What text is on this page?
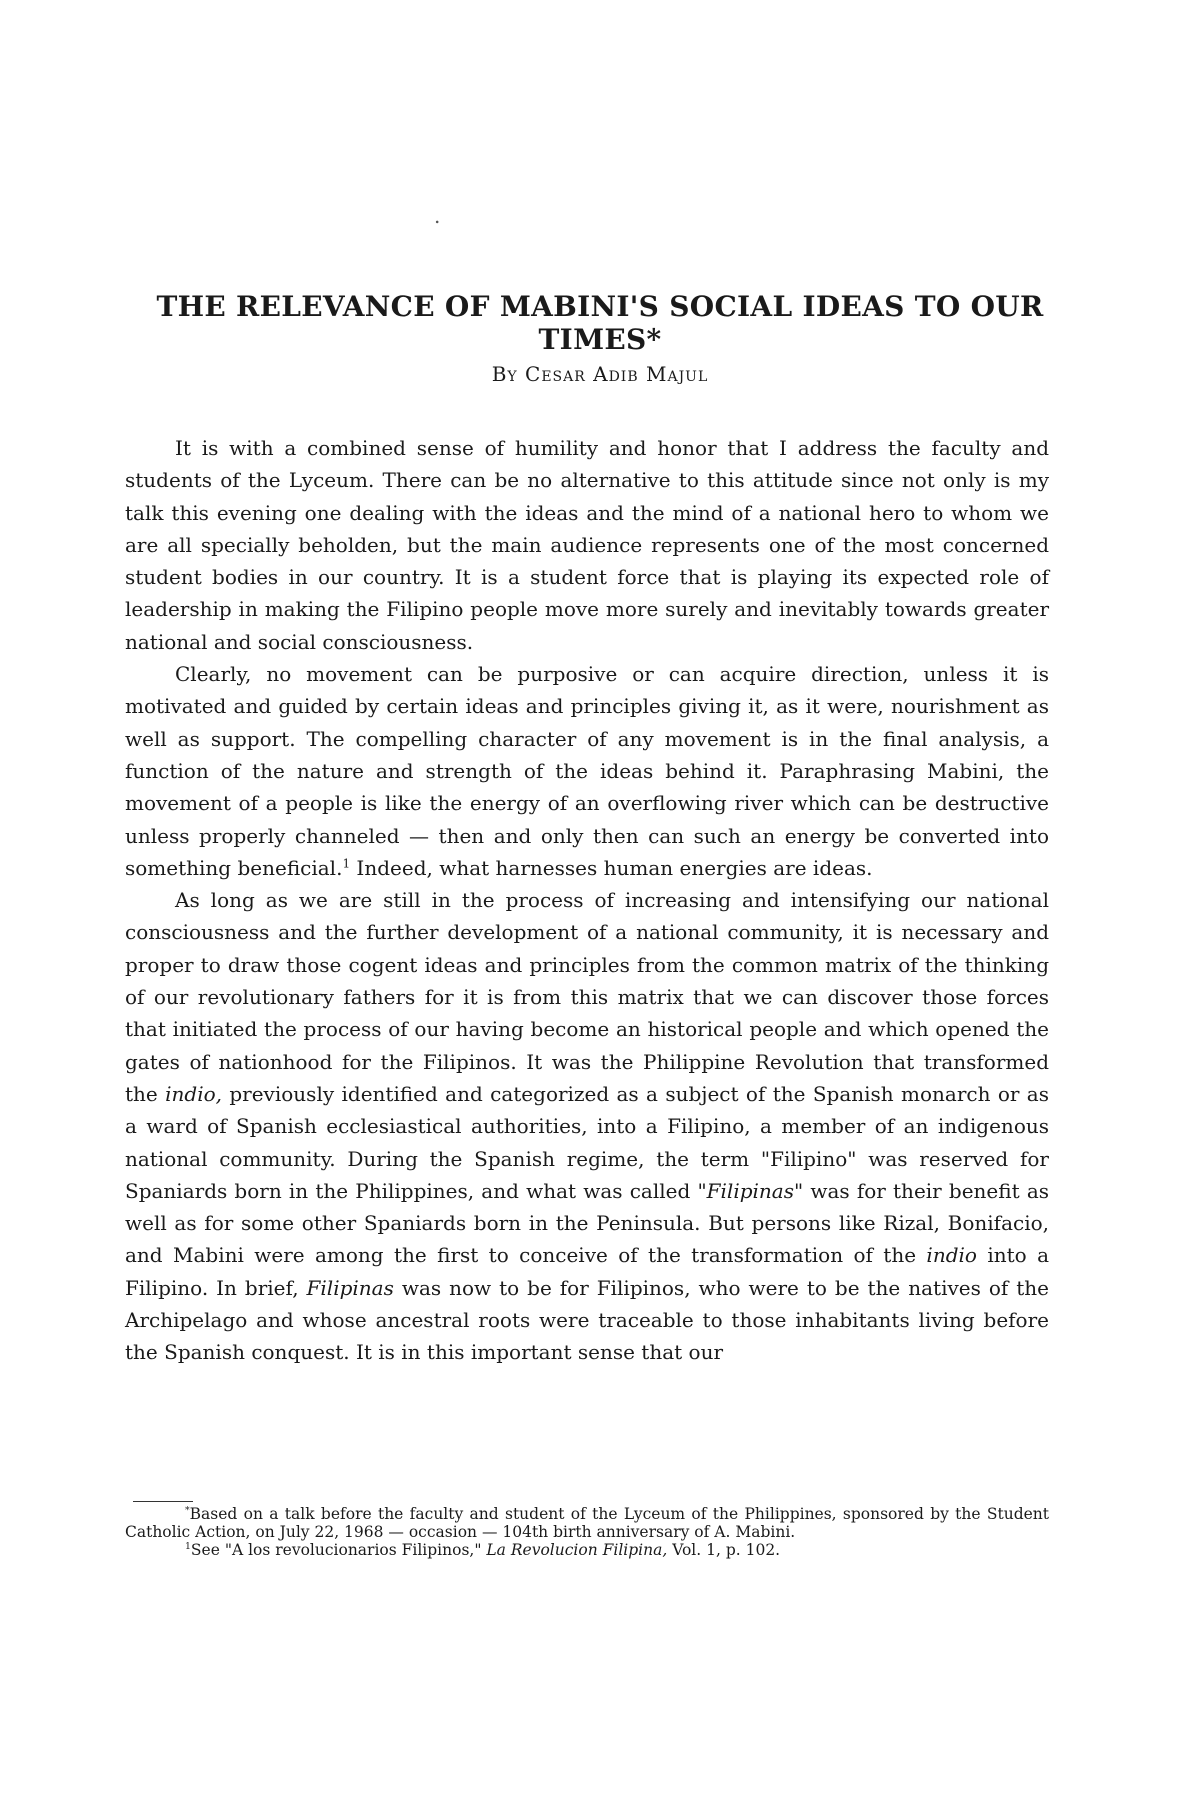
.
THE RELEVANCE OF MABINI'S SOCIAL IDEAS TO OUR TIMES*
By Cesar Adib Majul

It is with a combined sense of humility and honor that I address the faculty and students of the Lyceum. There can be no alternative to this attitude since not only is my talk this evening one dealing with the ideas and the mind of a national hero to whom we are all specially beholden, but the main audience represents one of the most concerned student bodies in our country. It is a student force that is playing its expected role of leadership in making the Filipino people move more surely and inevitably towards greater national and social consciousness.

Clearly, no movement can be purposive or can acquire direction, unless it is motivated and guided by certain ideas and principles giving it, as it were, nourishment as well as support. The compelling character of any movement is in the final analysis, a function of the nature and strength of the ideas behind it. Paraphrasing Mabini, the movement of a people is like the energy of an overflowing river which can be destructive unless properly channeled — then and only then can such an energy be converted into something beneficial.$^1$ Indeed, what harnesses human energies are ideas.

As long as we are still in the process of increasing and intensifying our national consciousness and the further development of a national community, it is necessary and proper to draw those cogent ideas and principles from the common matrix of the thinking of our revolutionary fathers for it is from this matrix that we can discover those forces that initiated the process of our having become an historical people and which opened the gates of nationhood for the Filipinos. It was the Philippine Revolution that transformed the indio, previously identified and categorized as a subject of the Spanish monarch or as a ward of Spanish ecclesiastical authorities, into a Filipino, a member of an indigenous national community. During the Spanish regime, the term "Filipino" was reserved for Spaniards born in the Philippines, and what was called "Filipinas" was for their benefit as well as for some other Spaniards born in the Peninsula. But persons like Rizal, Bonifacio, and Mabini were among the first to conceive of the transformation of the indio into a Filipino. In brief, Filipinas was now to be for Filipinos, who were to be the natives of the Archipelago and whose ancestral roots were traceable to those inhabitants living before the Spanish conquest. It is in this important sense that our

*Based on a talk before the faculty and student of the Lyceum of the Philippines, sponsored by the Student Catholic Action, on July 22, 1968 — occasion — 104th birth anniversary of A. Mabini.

$^1$See "A los revolucionarios Filipinos," La Revolucion Filipina, Vol. 1, p. 102.
